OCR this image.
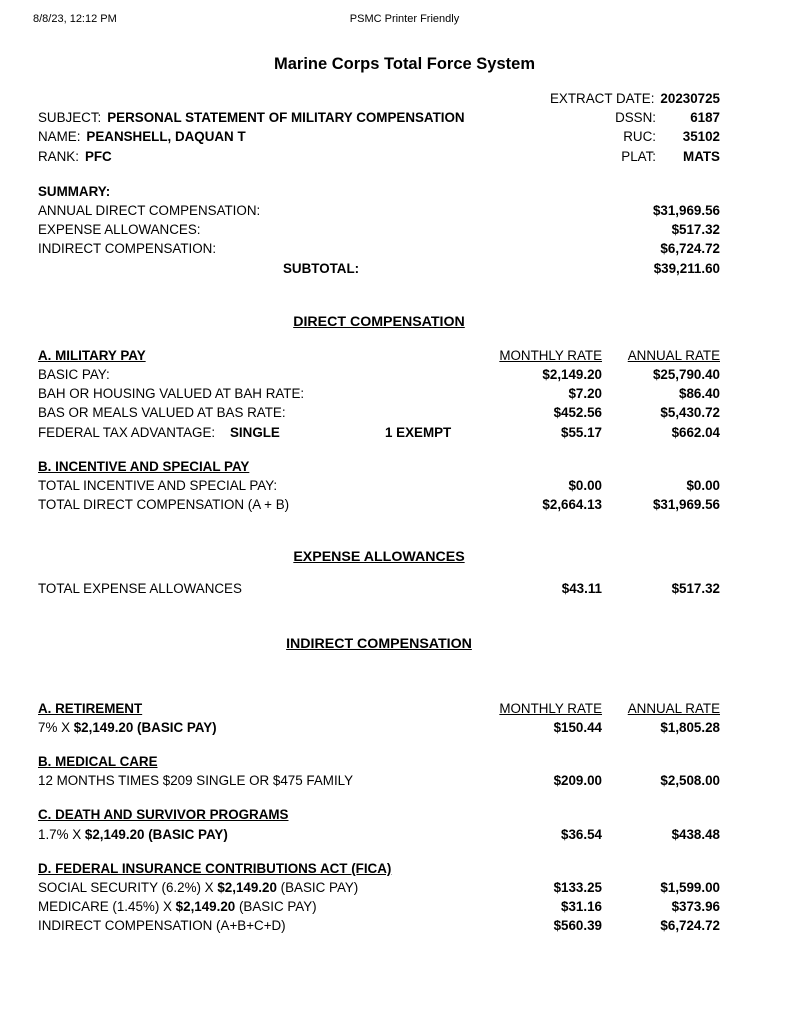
8/8/23, 12:12 PM	PSMC Printer Friendly
Marine Corps Total Force System
EXTRACT DATE: 20230725
SUBJECT: PERSONAL STATEMENT OF MILITARY COMPENSATION	DSSN:	6187
NAME: PEANSHELL, DAQUAN T	RUC: 35102
RANK: PFC	PLAT: MATS
SUMMARY:
ANNUAL DIRECT COMPENSATION:	$31,969.56
EXPENSE ALLOWANCES:	$517.32
INDIRECT COMPENSATION:	$6,724.72
SUBTOTAL:	$39,211.60
DIRECT COMPENSATION
A. MILITARY PAY	MONTHLY RATE	ANNUAL RATE
BASIC PAY:	$2,149.20	$25,790.40
BAH OR HOUSING VALUED AT BAH RATE:	$7.20	$86.40
BAS OR MEALS VALUED AT BAS RATE:	$452.56	$5,430.72
FEDERAL TAX ADVANTAGE: SINGLE	1 EXEMPT	$55.17	$662.04
B. INCENTIVE AND SPECIAL PAY
TOTAL INCENTIVE AND SPECIAL PAY:	$0.00	$0.00
TOTAL DIRECT COMPENSATION (A + B)	$2,664.13	$31,969.56
EXPENSE ALLOWANCES
TOTAL EXPENSE ALLOWANCES	$43.11	$517.32
INDIRECT COMPENSATION
A. RETIREMENT	MONTHLY RATE	ANNUAL RATE
7% X $2,149.20 (BASIC PAY)	$150.44	$1,805.28
B. MEDICAL CARE
12 MONTHS TIMES $209 SINGLE OR $475 FAMILY	$209.00	$2,508.00
C. DEATH AND SURVIVOR PROGRAMS
1.7% X $2,149.20 (BASIC PAY)	$36.54	$438.48
D. FEDERAL INSURANCE CONTRIBUTIONS ACT (FICA)
SOCIAL SECURITY (6.2%) X $2,149.20 (BASIC PAY)	$133.25	$1,599.00
MEDICARE (1.45%) X $2,149.20 (BASIC PAY)	$31.16	$373.96
INDIRECT COMPENSATION (A+B+C+D)	$560.39	$6,724.72
